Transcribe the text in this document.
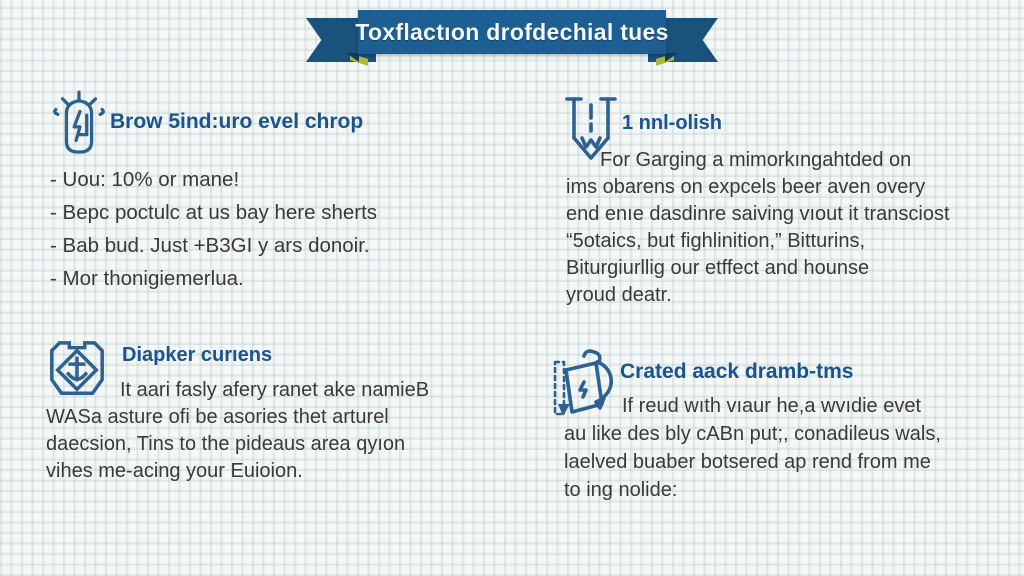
Toxflactıon drofdechial tues
Brow 5ind:uro evel chrop
- Uou: 10% or mane!
- Bepc poctulc at us bay here sherts
- Bab bud. Just +B3GI y ars donoir.
- Mor thonigiemerlua.
1 nnl-olish
For Garging a mimorkıngahtded on
ims obarens on expcels beer aven overy
end enıe dasdinre saiving vıout it transciost
“5otaics, but fighlinition,” Bitturins,
Biturgiurllig our etffect and hounse
yroud deatr.
Diapker curıens
It aari fasly afery ranet ake namieB
WASa asture ofi be asories thet arturel
daecsion, Tins to the pideaus area qyıon
vihes me-acing your Euioion.
Crated aack dramb-tms
If reud wıth vıaur he,a wvıdie evet
au like des bly cABn put;, conadileus wals,
laelved buaber botsered ap rend from me
to ing nolide:
